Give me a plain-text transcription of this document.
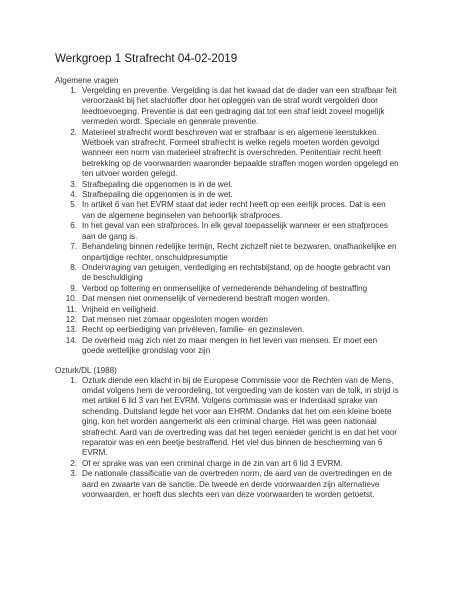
Werkgroep 1 Strafrecht 04-02-2019
Algemene vragen
1. Vergelding en preventie. Vergelding is dat het kwaad dat de dader van een strafbaar feit
veroorzaakt bij het slachtoffer door het opleggen van de straf wordt vergolden door
leedtoevoeging. Preventie is dat een gedraging dat tot een straf leidt zoveel mogelijk
vermeden wordt. Speciale en generale preventie.
2. Materieel strafrecht wordt beschreven wat er strafbaar is en algemene leerstukken.
Wetboek van strafrecht. Formeel strafrecht is welke regels moeten worden gevolgd
wanneer een norm van materieel strafrecht is overschreden. Penitentiair recht heeft
betrekking op de voorwaarden waaronder bepaalde straffen mogen worden opgelegd en
ten uitvoer worden gelegd.
3. Strafbepaling die opgenomen is in de wet.
4. Strafbepaling die opgenomen is in de wet.
5. In artikel 6 van het EVRM staat dat ieder recht heeft op een eerlijk proces. Dat is een
van de algemene beginselen van behoorlijk strafproces.
6. In het geval van een strafproces. In elk geval toepasselijk wanneer er een strafproces
aan de gang is.
7. Behandeling binnen redelijke termijn, Recht zichzelf niet te bezwaren, onafhankelijke en
onpartijdige rechter, onschuldpresumptie
8. Ondervraging van getuigen, verdediging en rechtsbijstand, op de hoogte gebracht van
de beschuldiging
9. Verbod op foltering en onmenselijke of vernederende behandeling of bestraffing
10. Dat mensen niet onmenselijk of vernederend bestraft mogen worden.
11. Vrijheid en veiligheid.
12. Dat mensen niet zomaar opgesloten mogen worden
13. Recht op eerbiediging van privéleven, familie- en gezinsleven.
14. De overheid mag zich niet zo maar mengen in het leven van mensen. Er moet een
goede wettelijke grondslag voor zijn
Ozturk/DL (1988)
1. Ozturk diende een klacht in bij de Europese Commissie voor de Rechten van de Mens,
omdat volgens hem de veroordeling, tot vergoeding van de kosten van de tolk, in strijd is
met artikel 6 lid 3 van het EVRM. Volgens commissie was er inderdaad sprake van
schending. Duitsland legde het voor aan EHRM. Ondanks dat het om een kleine boete
ging, kon het worden aangemerkt als een criminal charge. Het was geen nationaal
strafrecht. Aard van de overtreding was dat het tegen eenieder gericht is en dat het voor
reparatoir was en een beetje bestraffend. Het viel dus binnen de bescherming van 6
EVRM.
2. Of er sprake was van een criminal charge in de zin van art 6 lid 3 EVRM.
3. De nationale classificatie van de overtreden norm, de aard van de overtredingen en de
aard en zwaarte van de sanctie. De tweede en derde voorwaarden zijn alternatieve
voorwaarden, er hoeft dus slechts een van deze voorwaarden te worden getoetst.
